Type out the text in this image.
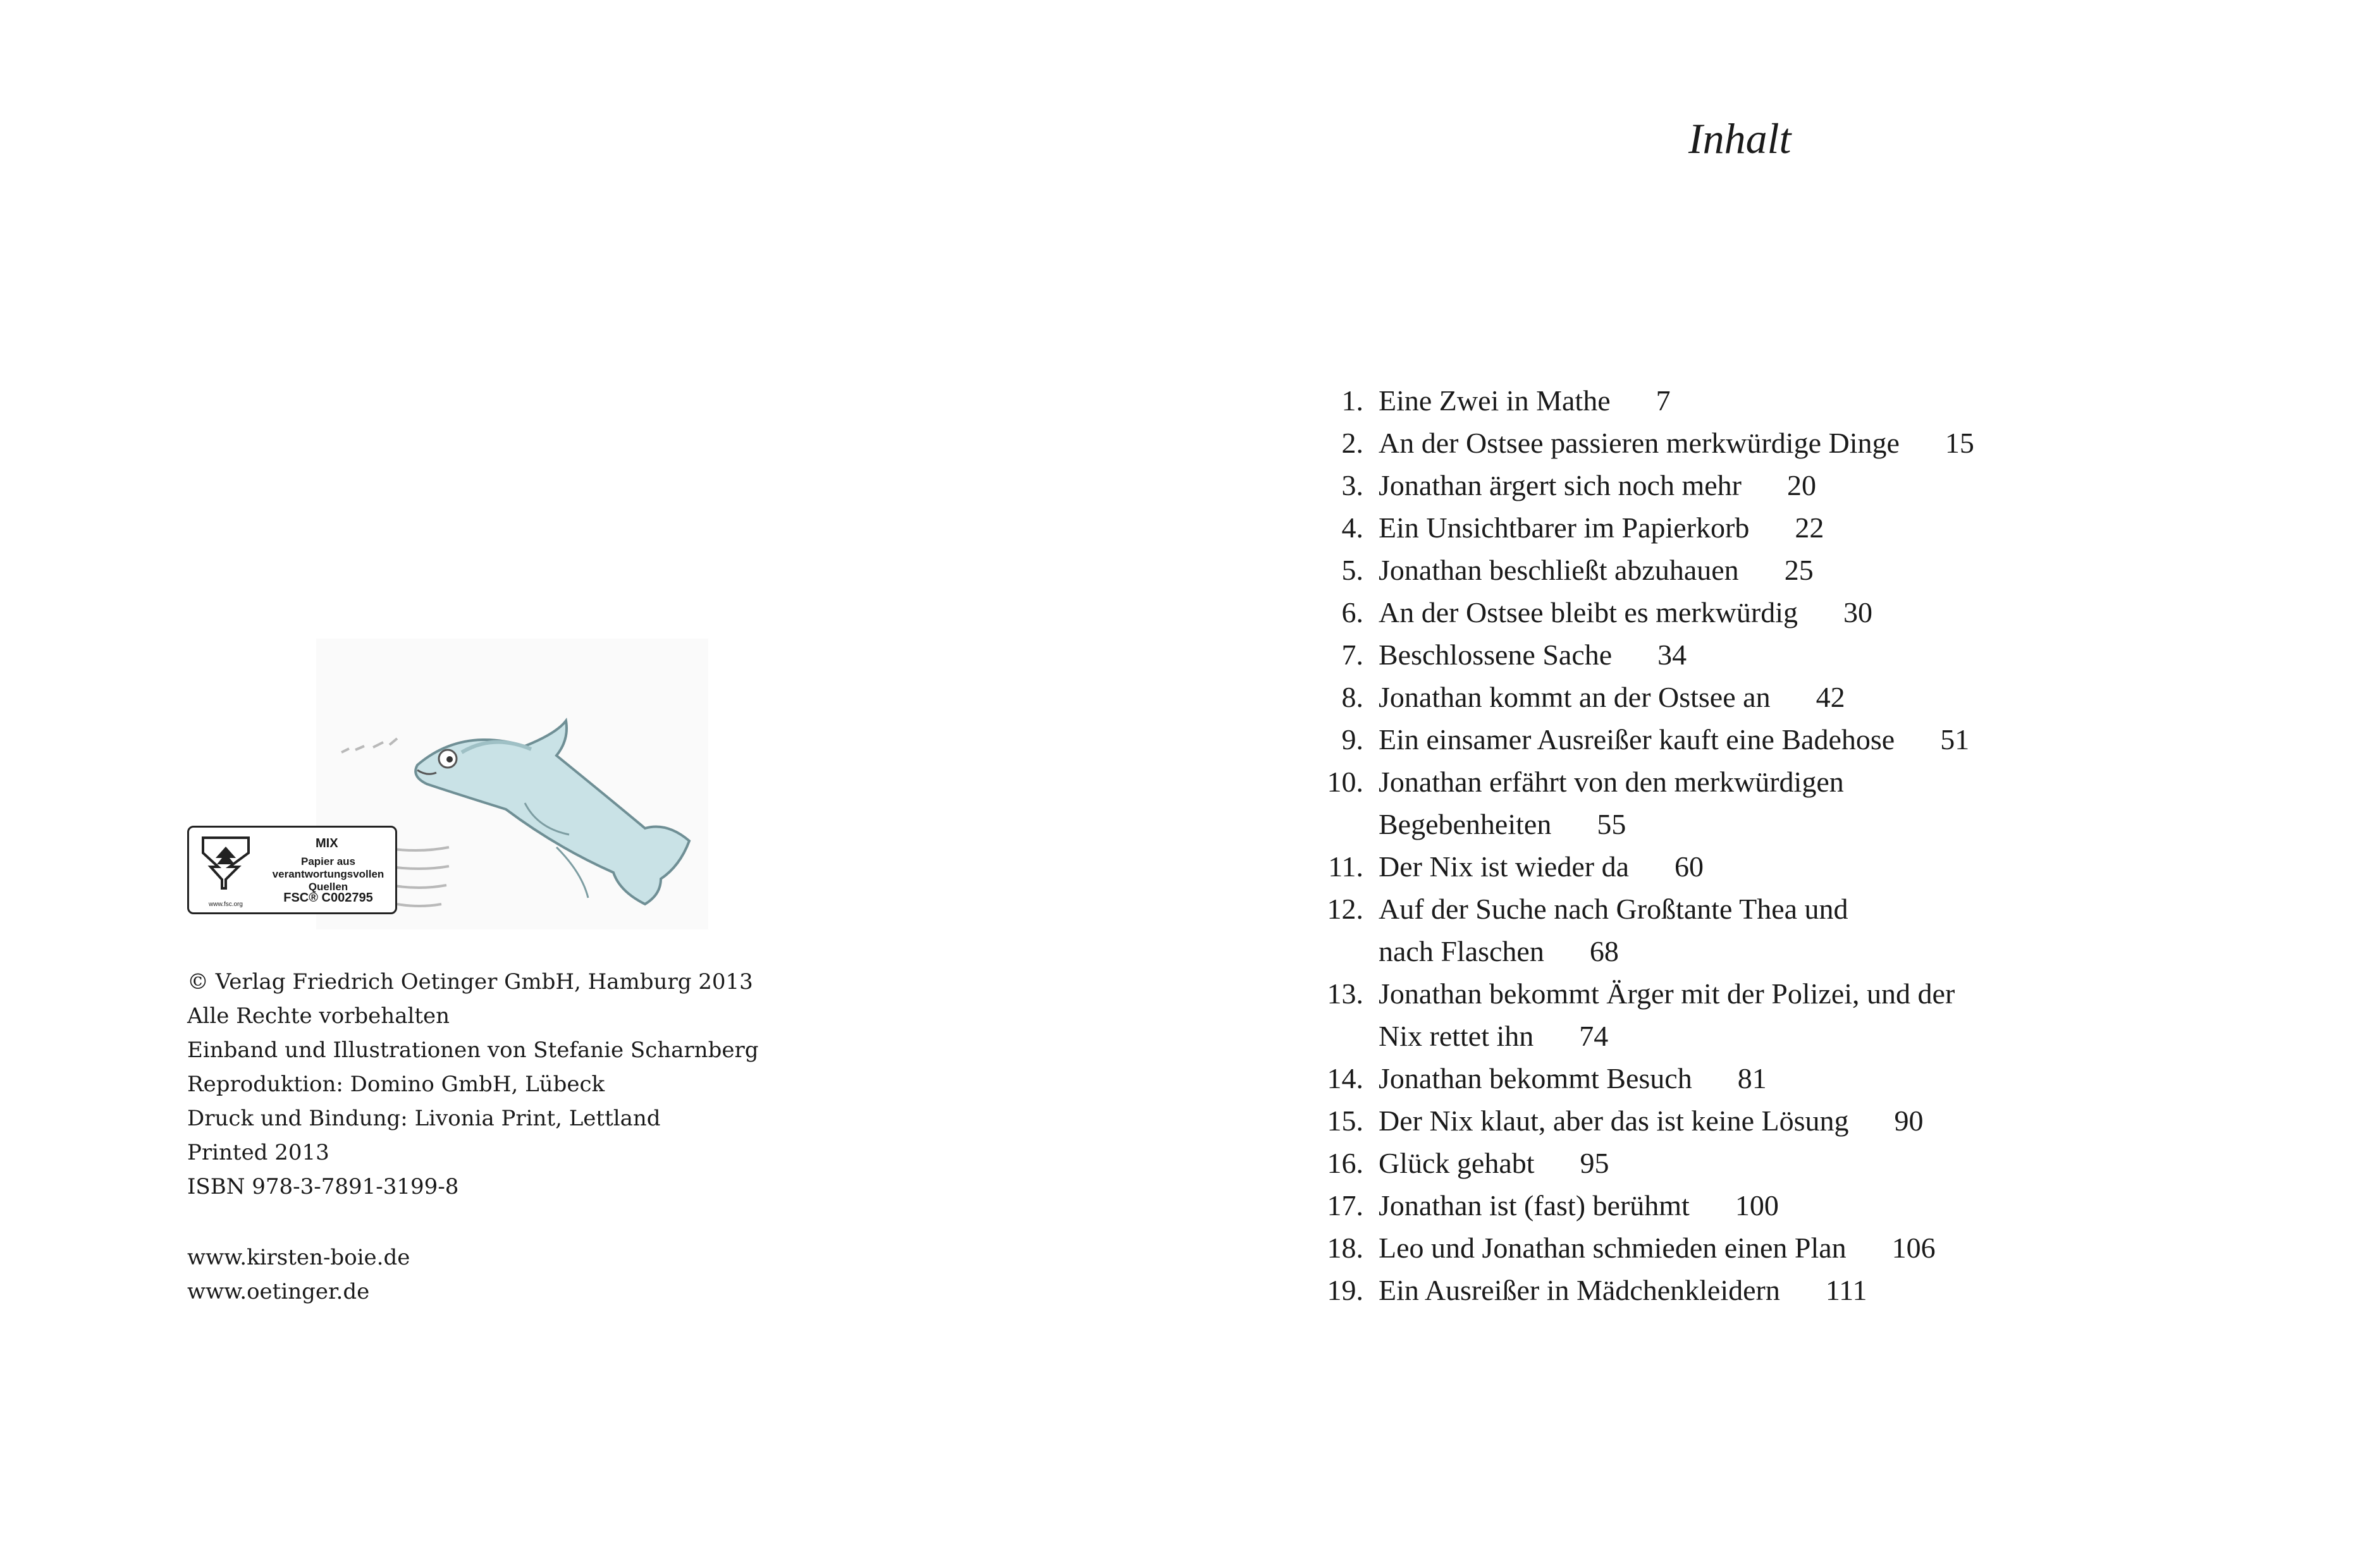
www.fsc.org
MIX
Papier aus verantwortungsvollen Quellen
FSC® C002795
© Verlag Friedrich Oetinger GmbH, Hamburg 2013
Alle Rechte vorbehalten
Einband und Illustrationen von Stefanie Scharnberg
Reproduktion: Domino GmbH, Lübeck
Druck und Bindung: Livonia Print, Lettland
Printed 2013
ISBN 978-3-7891-3199-8
www.kirsten-boie.de
www.oetinger.de
Inhalt
1. Eine Zwei in Mathe 7
2. An der Ostsee passieren merkwürdige Dinge 15
3. Jonathan ärgert sich noch mehr 20
4. Ein Unsichtbarer im Papierkorb 22
5. Jonathan beschließt abzuhauen 25
6. An der Ostsee bleibt es merkwürdig 30
7. Beschlossene Sache 34
8. Jonathan kommt an der Ostsee an 42
9. Ein einsamer Ausreißer kauft eine Badehose 51
10. Jonathan erfährt von den merkwürdigen
Begebenheiten 55
11. Der Nix ist wieder da 60
12. Auf der Suche nach Großtante Thea und
nach Flaschen 68
13. Jonathan bekommt Ärger mit der Polizei, und der
Nix rettet ihn 74
14. Jonathan bekommt Besuch 81
15. Der Nix klaut, aber das ist keine Lösung 90
16. Glück gehabt 95
17. Jonathan ist (fast) berühmt 100
18. Leo und Jonathan schmieden einen Plan 106
19. Ein Ausreißer in Mädchenkleidern 111
